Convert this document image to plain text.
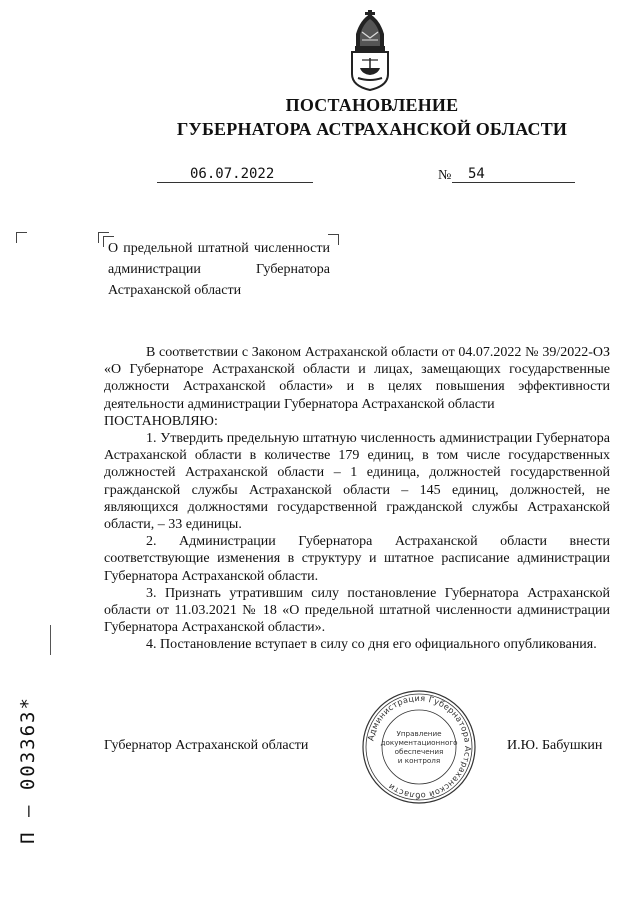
ПОСТАНОВЛЕНИЕ
ГУБЕРНАТОРА АСТРАХАНСКОЙ ОБЛАСТИ
06.07.2022	№ 54
О предельной штатной численности администрации Губернатора Астраханской области

В соответствии с Законом Астраханской области от 04.07.2022 № 39/2022-ОЗ «О Губернаторе Астраханской области и лицах, замещающих государственные должности Астраханской области» и в целях повышения эффективности деятельности администрации Губернатора Астраханской области

ПОСТАНОВЛЯЮ:

1. Утвердить предельную штатную численность администрации Губернатора Астраханской области в количестве 179 единиц, в том числе государственных должностей Астраханской области – 1 единица, должностей государственной гражданской службы Астраханской области – 145 единиц, должностей, не являющихся должностями государственной гражданской службы Астраханской области, – 33 единицы.

2. Администрации Губернатора Астраханской области внести соответствующие изменения в структуру и штатное расписание администрации Губернатора Астраханской области.

3. Признать утратившим силу постановление Губернатора Астраханской области от 11.03.2021 № 18 «О предельной штатной численности администрации Губернатора Астраханской области».

4. Постановление вступает в силу со дня его официального опубликования.

Губернатор Астраханской области	И.Ю. Бабушкин
Администрация Губернатора Астраханской области
Управление
документационного
обеспечения
и контроля
П – 003363*
